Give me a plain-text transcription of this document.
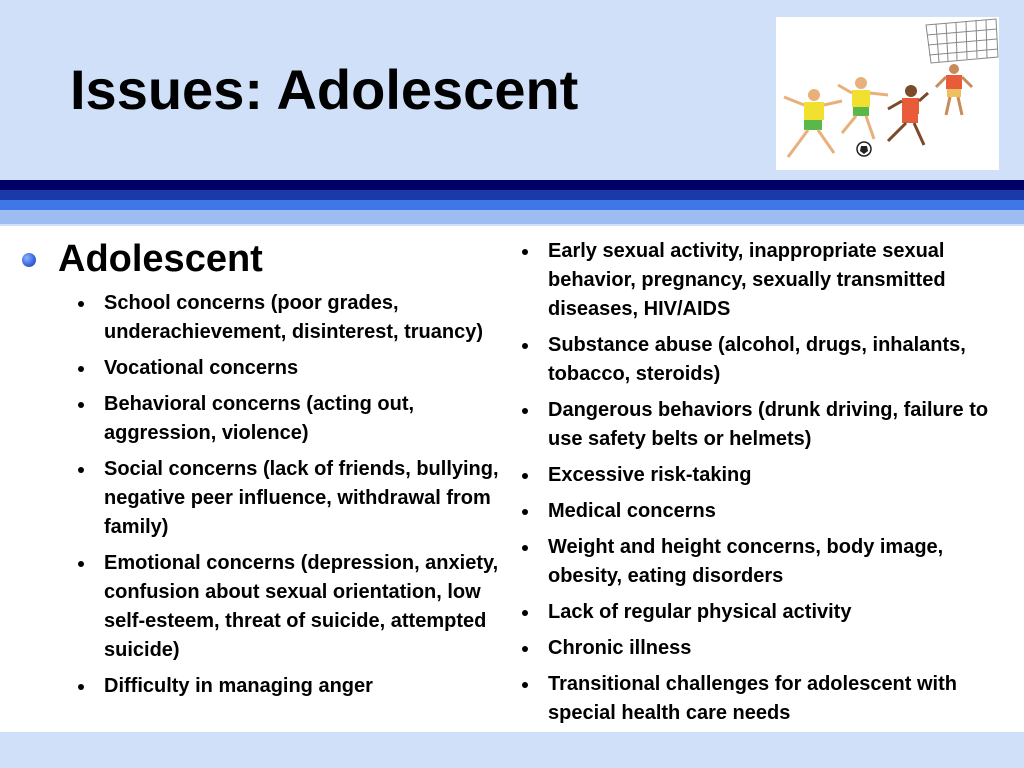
Issues: Adolescent
Adolescent
School concerns (poor grades, underachievement, disinterest, truancy)
Vocational concerns
Behavioral concerns (acting out, aggression, violence)
Social concerns (lack of friends, bullying, negative peer influence, withdrawal from family)
Emotional concerns (depression, anxiety, confusion about sexual orientation, low self-esteem, threat of suicide, attempted suicide)
Difficulty in managing anger
Early sexual activity, inappropriate sexual behavior, pregnancy, sexually transmitted diseases, HIV/AIDS
Substance abuse (alcohol, drugs, inhalants, tobacco, steroids)
Dangerous behaviors (drunk driving, failure to use safety belts or helmets)
Excessive risk-taking
Medical concerns
Weight and height concerns, body image, obesity, eating disorders
Lack of regular physical activity
Chronic illness
Transitional challenges for adolescent with special health care needs
